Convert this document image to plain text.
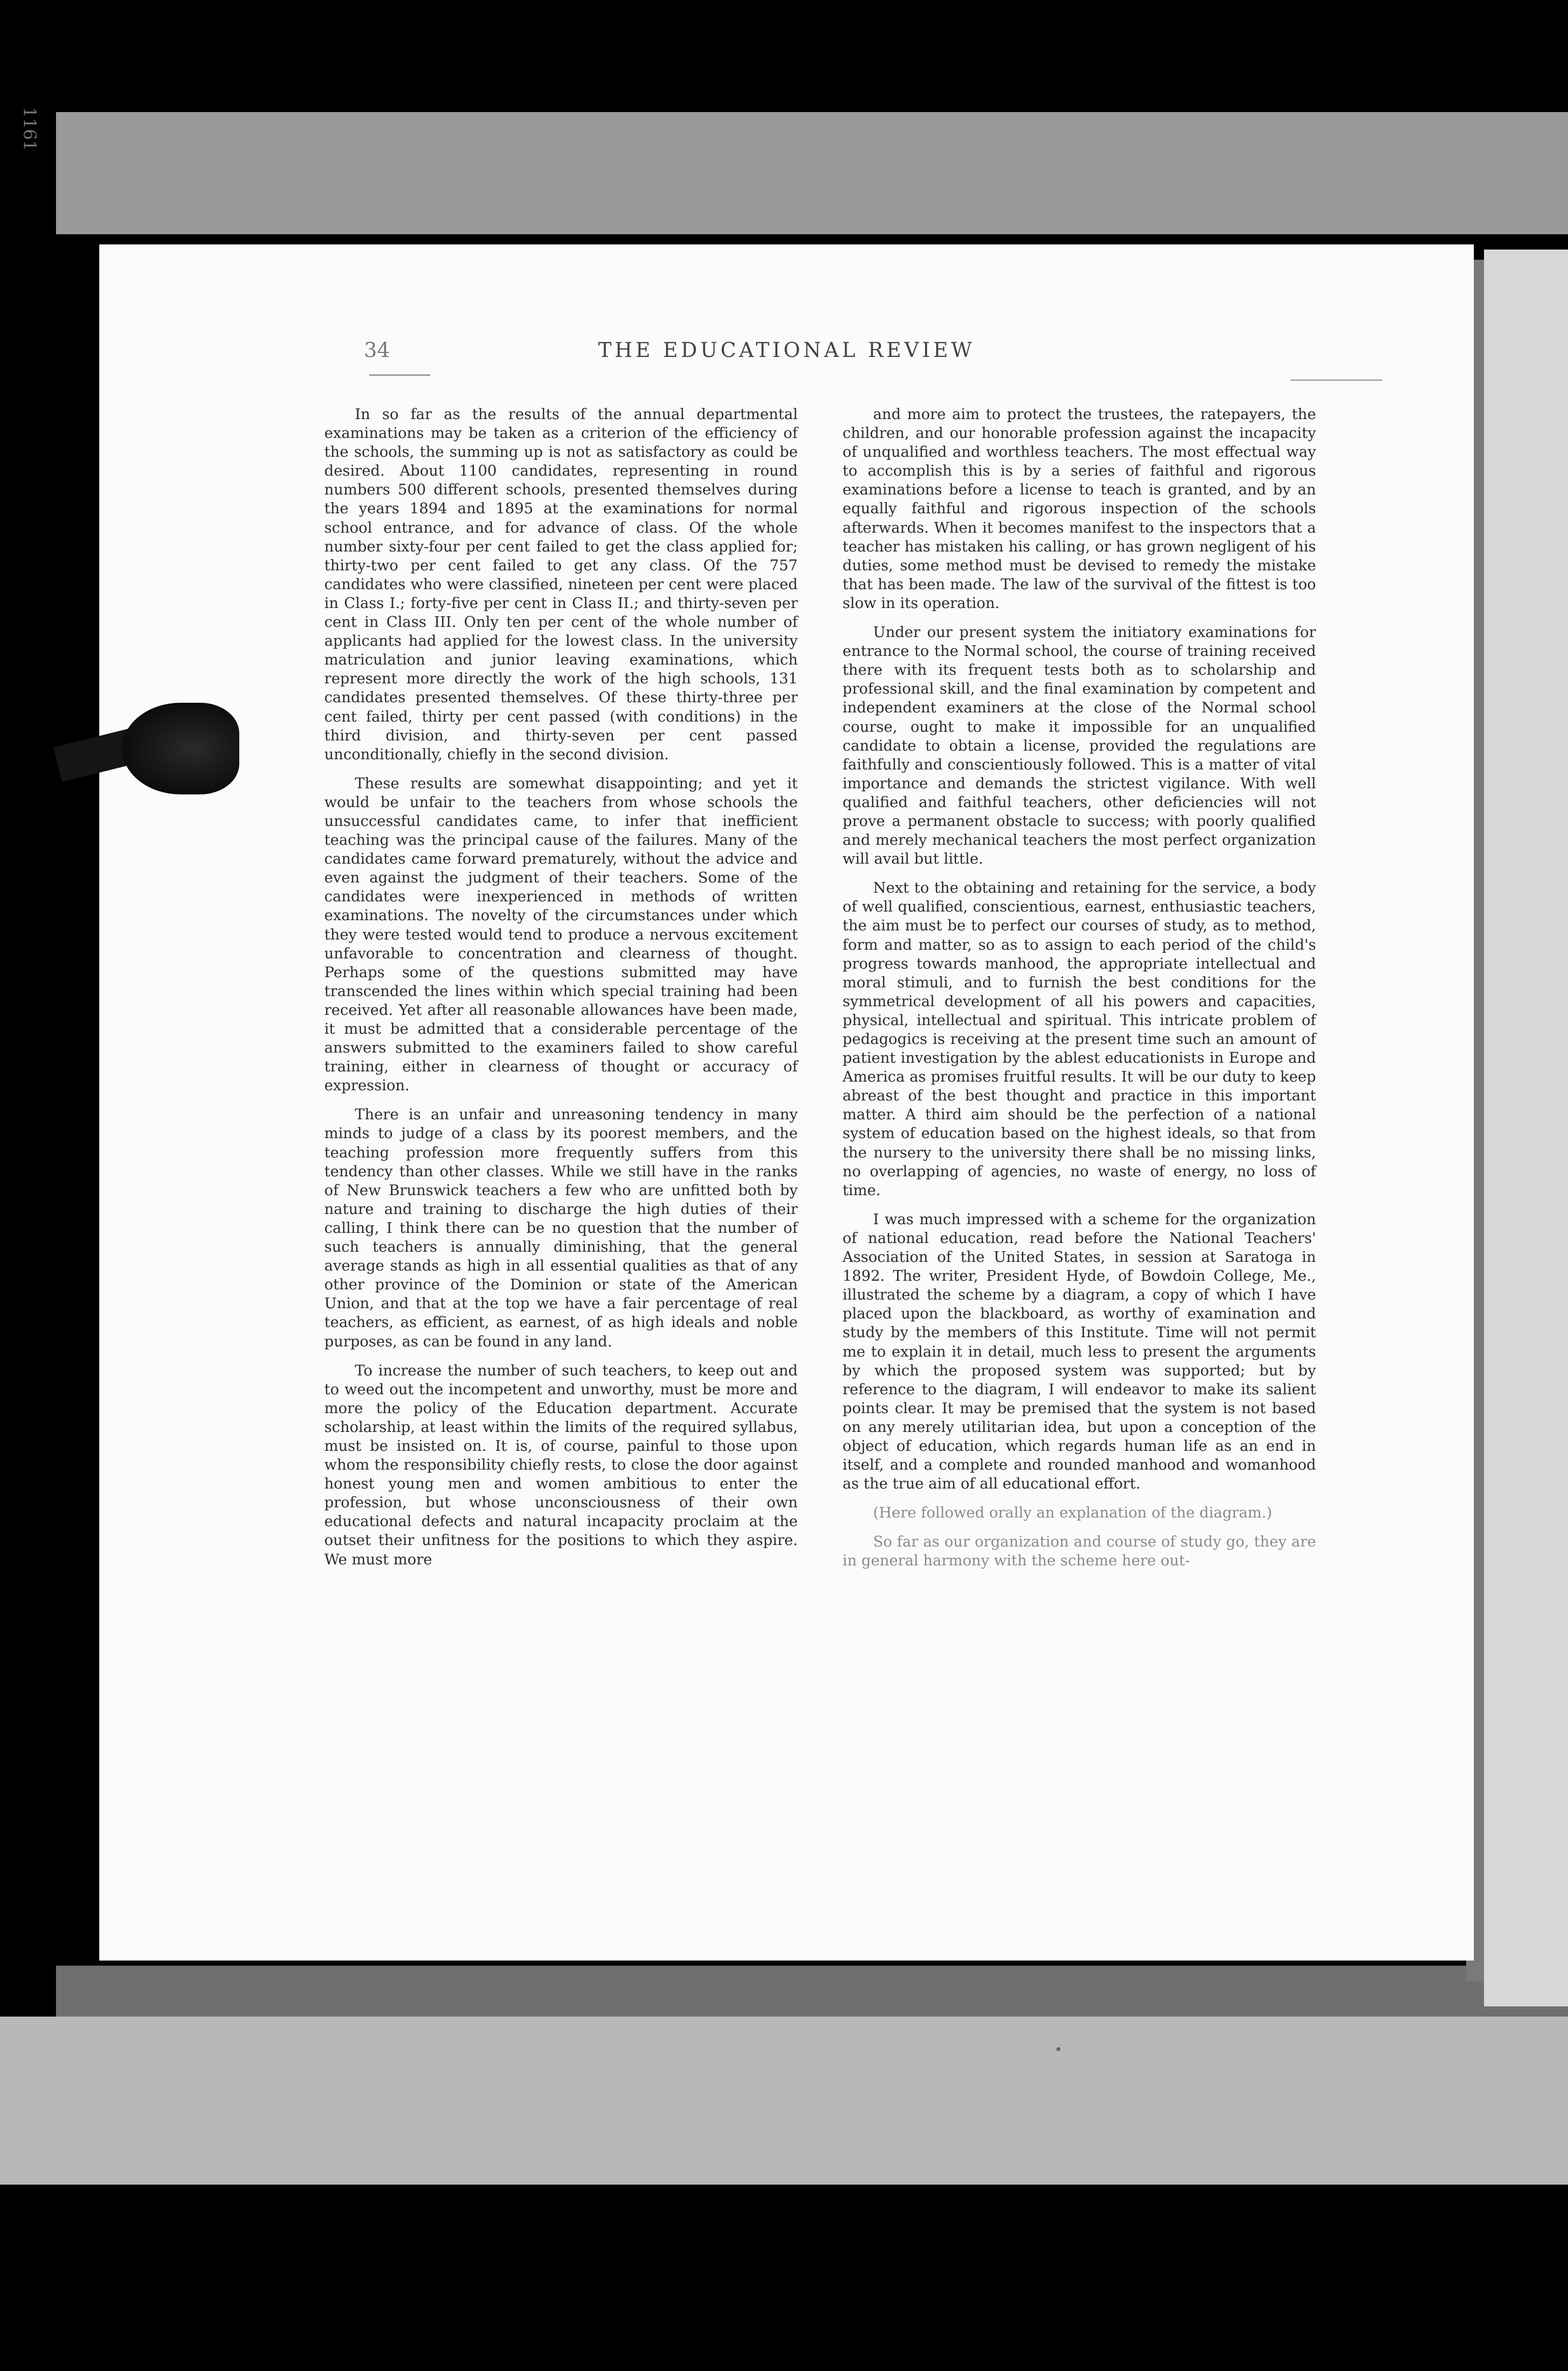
1161
34	THE EDUCATIONAL REVIEW

In so far as the results of the annual departmental examinations may be taken as a criterion of the efficiency of the schools, the summing up is not as satisfactory as could be desired. About 1100 candidates, representing in round numbers 500 different schools, presented themselves during the years 1894 and 1895 at the examinations for normal school entrance, and for advance of class. Of the whole number sixty-four per cent failed to get the class applied for; thirty-two per cent failed to get any class. Of the 757 candidates who were classified, nineteen per cent were placed in Class I.; forty-five per cent in Class II.; and thirty-seven per cent in Class III. Only ten per cent of the whole number of applicants had applied for the lowest class. In the university matriculation and junior leaving examinations, which represent more directly the work of the high schools, 131 candidates presented themselves. Of these thirty-three per cent failed, thirty per cent passed (with conditions) in the third division, and thirty-seven per cent passed unconditionally, chiefly in the second division.

These results are somewhat disappointing; and yet it would be unfair to the teachers from whose schools the unsuccessful candidates came, to infer that inefficient teaching was the principal cause of the failures. Many of the candidates came forward prematurely, without the advice and even against the judgment of their teachers. Some of the candidates were inexperienced in methods of written examinations. The novelty of the circumstances under which they were tested would tend to produce a nervous excitement unfavorable to concentration and clearness of thought. Perhaps some of the questions submitted may have transcended the lines within which special training had been received. Yet after all reasonable allowances have been made, it must be admitted that a considerable percentage of the answers submitted to the examiners failed to show careful training, either in clearness of thought or accuracy of expression.

There is an unfair and unreasoning tendency in many minds to judge of a class by its poorest members, and the teaching profession more frequently suffers from this tendency than other classes. While we still have in the ranks of New Brunswick teachers a few who are unfitted both by nature and training to discharge the high duties of their calling, I think there can be no question that the number of such teachers is annually diminishing, that the general average stands as high in all essential qualities as that of any other province of the Dominion or state of the American Union, and that at the top we have a fair percentage of real teachers, as efficient, as earnest, of as high ideals and noble purposes, as can be found in any land.

To increase the number of such teachers, to keep out and to weed out the incompetent and unworthy, must be more and more the policy of the Education department. Accurate scholarship, at least within the limits of the required syllabus, must be insisted on. It is, of course, painful to those upon whom the responsibility chiefly rests, to close the door against honest young men and women ambitious to enter the profession, but whose unconsciousness of their own educational defects and natural incapacity proclaim at the outset their unfitness for the positions to which they aspire. We must more

and more aim to protect the trustees, the ratepayers, the children, and our honorable profession against the incapacity of unqualified and worthless teachers. The most effectual way to accomplish this is by a series of faithful and rigorous examinations before a license to teach is granted, and by an equally faithful and rigorous inspection of the schools afterwards. When it becomes manifest to the inspectors that a teacher has mistaken his calling, or has grown negligent of his duties, some method must be devised to remedy the mistake that has been made. The law of the survival of the fittest is too slow in its operation.

Under our present system the initiatory examinations for entrance to the Normal school, the course of training received there with its frequent tests both as to scholarship and professional skill, and the final examination by competent and independent examiners at the close of the Normal school course, ought to make it impossible for an unqualified candidate to obtain a license, provided the regulations are faithfully and conscientiously followed. This is a matter of vital importance and demands the strictest vigilance. With well qualified and faithful teachers, other deficiencies will not prove a permanent obstacle to success; with poorly qualified and merely mechanical teachers the most perfect organization will avail but little.

Next to the obtaining and retaining for the service, a body of well qualified, conscientious, earnest, enthusiastic teachers, the aim must be to perfect our courses of study, as to method, form and matter, so as to assign to each period of the child's progress towards manhood, the appropriate intellectual and moral stimuli, and to furnish the best conditions for the symmetrical development of all his powers and capacities, physical, intellectual and spiritual. This intricate problem of pedagogics is receiving at the present time such an amount of patient investigation by the ablest educationists in Europe and America as promises fruitful results. It will be our duty to keep abreast of the best thought and practice in this important matter. A third aim should be the perfection of a national system of education based on the highest ideals, so that from the nursery to the university there shall be no missing links, no overlapping of agencies, no waste of energy, no loss of time.

I was much impressed with a scheme for the organization of national education, read before the National Teachers' Association of the United States, in session at Saratoga in 1892. The writer, President Hyde, of Bowdoin College, Me., illustrated the scheme by a diagram, a copy of which I have placed upon the blackboard, as worthy of examination and study by the members of this Institute. Time will not permit me to explain it in detail, much less to present the arguments by which the proposed system was supported; but by reference to the diagram, I will endeavor to make its salient points clear. It may be premised that the system is not based on any merely utilitarian idea, but upon a conception of the object of education, which regards human life as an end in itself, and a complete and rounded manhood and womanhood as the true aim of all educational effort.

(Here followed orally an explanation of the diagram.)

So far as our organization and course of study go, they are in general harmony with the scheme here out-
